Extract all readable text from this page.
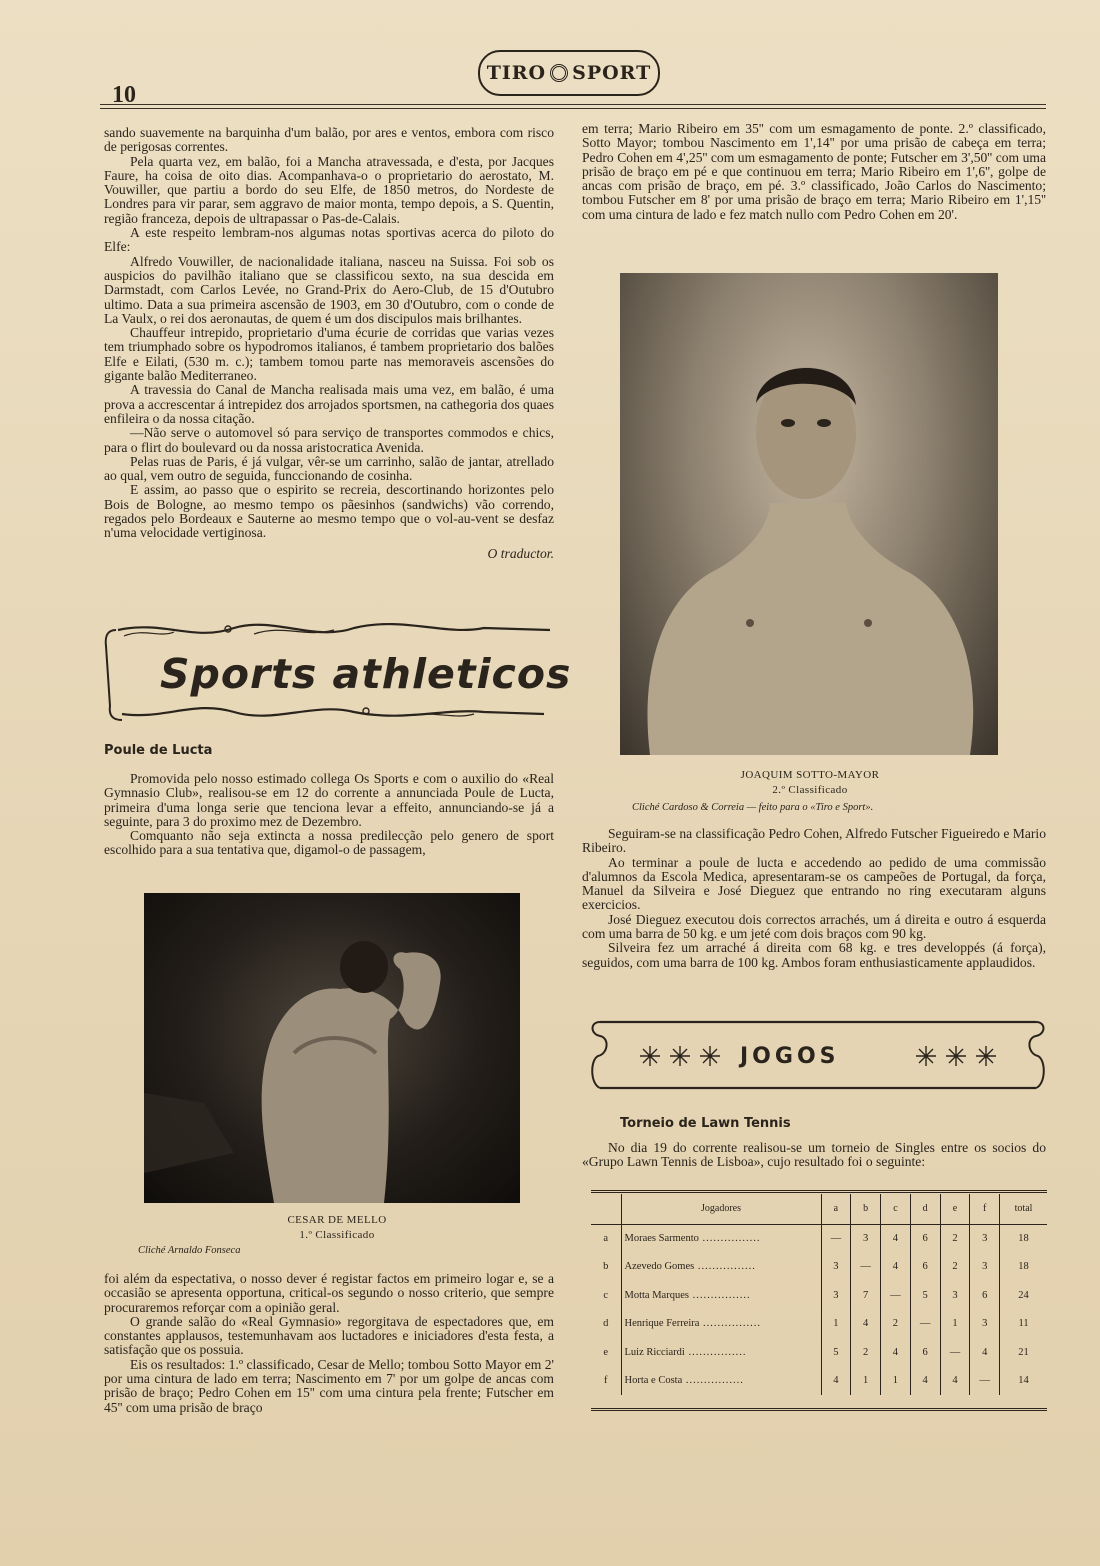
10
TIRO SPORT

sando suavemente na barquinha d'um balão, por ares e ventos, embora com risco de perigosas correntes.

Pela quarta vez, em balão, foi a Mancha atravessada, e d'esta, por Jacques Faure, ha coisa de oito dias. Acompanhava-o o proprietario do aerostato, M. Vouwiller, que partiu a bordo do seu Elfe, de 1850 metros, do Nordeste de Londres para vir parar, sem aggravo de maior monta, tempo depois, a S. Quentin, região franceza, depois de ultrapassar o Pas-de-Calais.

A este respeito lembram-nos algumas notas sportivas acerca do piloto do Elfe:

Alfredo Vouwiller, de nacionalidade italiana, nasceu na Suissa. Foi sob os auspicios do pavilhão italiano que se classificou sexto, na sua descida em Darmstadt, com Carlos Levée, no Grand-Prix do Aero-Club, de 15 d'Outubro ultimo. Data a sua primeira ascensão de 1903, em 30 d'Outubro, com o conde de La Vaulx, o rei dos aeronautas, de quem é um dos discipulos mais brilhantes.

Chauffeur intrepido, proprietario d'uma écurie de corridas que varias vezes tem triumphado sobre os hypodromos italianos, é tambem proprietario dos balões Elfe e Eilati, (530 m. c.); tambem tomou parte nas memoraveis ascensões do gigante balão Mediterraneo.

A travessia do Canal de Mancha realisada mais uma vez, em balão, é uma prova a accrescentar á intrepidez dos arrojados sportsmen, na cathegoria dos quaes enfileira o da nossa citação.

—Não serve o automovel só para serviço de transportes commodos e chics, para o flirt do boulevard ou da nossa aristocratica Avenida.

Pelas ruas de Paris, é já vulgar, vêr-se um carrinho, salão de jantar, atrellado ao qual, vem outro de seguida, funccionando de cosinha.

E assim, ao passo que o espirito se recreia, descortinando horizontes pelo Bois de Bologne, ao mesmo tempo os pãesinhos (sandwichs) vão correndo, regados pelo Bordeaux e Sauterne ao mesmo tempo que o vol-au-vent se desfaz n'uma velocidade vertiginosa.

O traductor.

Sports athleticos
Poule de Lucta

Promovida pelo nosso estimado collega Os Sports e com o auxilio do «Real Gymnasio Club», realisou-se em 12 do corrente a annunciada Poule de Lucta, primeira d'uma longa serie que tenciona levar a effeito, annunciando-se já a seguinte, para 3 do proximo mez de Dezembro.

Comquanto não seja extincta a nossa predilecção pelo genero de sport escolhido para a sua tentativa que, digamol-o de passagem,

CESAR DE MELLO
1.º Classificado
Cliché Arnaldo Fonseca

foi além da espectativa, o nosso dever é registar factos em primeiro logar e, se a occasião se apresenta opportuna, critical-os segundo o nosso criterio, que sempre procuraremos reforçar com a opinião geral.

O grande salão do «Real Gymnasio» regorgitava de espectadores que, em constantes applausos, testemunhavam aos luctadores e iniciadores d'esta festa, a satisfação que os possuia.

Eis os resultados: 1.º classificado, Cesar de Mello; tombou Sotto Mayor em 2' por uma cintura de lado em terra; Nascimento em 7' por um golpe de ancas com prisão de braço; Pedro Cohen em 15'' com uma cintura pela frente; Futscher em 45'' com uma prisão de braço

em terra; Mario Ribeiro em 35'' com um esmagamento de ponte. 2.º classificado, Sotto Mayor; tombou Nascimento em 1',14'' por uma prisão de cabeça em terra; Pedro Cohen em 4',25'' com um esmagamento de ponte; Futscher em 3',50'' com uma prisão de braço em pé e que continuou em terra; Mario Ribeiro em 1',6'', golpe de ancas com prisão de braço, em pé. 3.º classificado, João Carlos do Nascimento; tombou Futscher em 8' por uma prisão de braço em terra; Mario Ribeiro em 1',15'' com uma cintura de lado e fez match nullo com Pedro Cohen em 20'.

JOAQUIM SOTTO-MAYOR
2.º Classificado
Cliché Cardoso & Correia — feito para o «Tiro e Sport».

Seguiram-se na classificação Pedro Cohen, Alfredo Futscher Figueiredo e Mario Ribeiro.

Ao terminar a poule de lucta e accedendo ao pedido de uma commissão d'alumnos da Escola Medica, apresentaram-se os campeões de Portugal, da força, Manuel da Silveira e José Dieguez que entrando no ring executaram alguns exercicios.

José Dieguez executou dois correctos arrachés, um á direita e outro á esquerda com uma barra de 50 kg. e um jeté com dois braços com 90 kg.

Silveira fez um arraché á direita com 68 kg. e tres developpés (á força), seguidos, com uma barra de 100 kg. Ambos foram enthusiasticamente applaudidos.

JOGOS
Torneio de Lawn Tennis

No dia 19 do corrente realisou-se um torneio de Singles entre os socios do «Grupo Lawn Tennis de Lisboa», cujo resultado foi o seguinte:

	Jogadores	a	b	c	d	e	f	total
a	Moraes Sarmento .....	—	3	4	6	2	3	18
b	Azevedo Gomes .....	3	—	4	6	2	3	18
c	Motta Marques .....	3	7	—	5	3	6	24
d	Henrique Ferreira .....	1	4	2	—	1	3	11
e	Luiz Ricciardi .....	5	2	4	6	—	4	21
f	Horta e Costa .....	4	1	1	4	4	—	14
